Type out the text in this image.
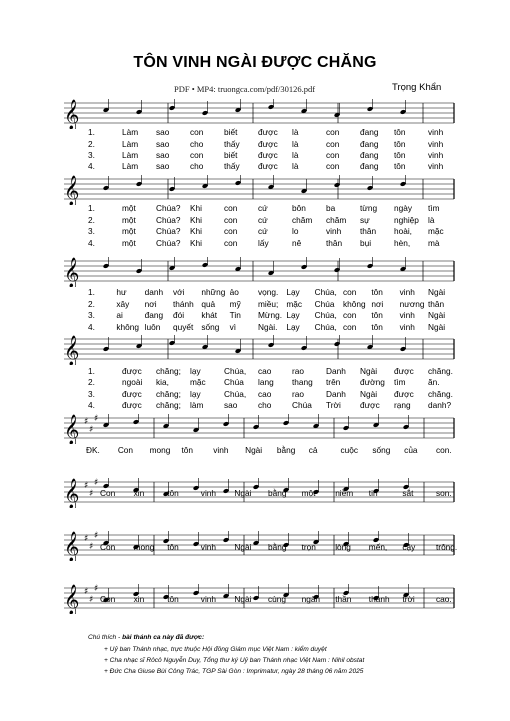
TÔN VINH NGÀI ĐƯỢC CHĂNG
PDF • MP4: truongca.com/pdf/30126.pdf	Trọng Khẩn
𝄞
𝄞
𝄞
𝄞
𝄞 ♯
♯
♯
𝄞 ♯
♯
♯
𝄞 ♯
♯
♯
𝄞 ♯
♯
♯
1.	Làm sao con biết được là	con đang tôn	vinh
2.	Làm sao cho thấy được là	con đang tôn	vinh
3.	Làm sao con biết được là	con đang tôn	vinh
4.	Làm sao cho thấy được là	con đang tôn	vinh
1.	một Chúa? Khi	con cứ	bôn ba	từng ngày tìm
2.	một Chúa? Khi	con cứ	chăm chăm sự	nghiệp là
3.	một Chúa? Khi	con cứ	lo	vinh thân hoài, mặc
4.	một Chúa? Khi	con lấy	nê	thân bụi	hèn, mà
1.	hư danh với những ảo vọng. Lạy Chúa, con tôn vinh Ngài
2.	xây nơi thánh quả mỹ miều; mặc Chúa không nơi nương thân
3.	ai	đang đói khát Tin Mừng. Lạy Chúa, con tôn vinh Ngài
4.	không luôn quyết sống vì	Ngài. Lạy Chúa, con tôn vinh Ngài
1.	được chăng; lạy	Chúa, cao rao	Danh Ngài được chăng.
2.	ngoài kia,	mặc Chúa lang thang trên đường tìm	ăn.
3.	được chăng; lạy	Chúa, cao rao	Danh Ngài được chăng.
4.	được chăng; làm sao cho Chúa Trời được rạng danh?
ĐK. Con mong tôn vinh Ngài bằng cả	cuộc sống của con.
Con xin	tôn	vinh Ngài bằng một niềm tin	sắt	son.
Con mong tôn	vinh Ngài bằng trọn lòng mến, cậy trông.
Con xin	tôn	vinh Ngài cùng ngàn thần thánh trời	cao.
Chú thích - bài thánh ca này đã được:
+ Uỷ ban Thánh nhạc, trực thuộc Hội đồng Giám mục Việt Nam : kiểm duyệt
+ Cha nhạc sĩ Rôcô Nguyễn Duy, Tổng thư ký Uỷ ban Thánh nhạc Việt Nam : Nihil obstat
+ Đức Cha Giuse Bùi Công Trác, TGP Sài Gòn : Imprimatur, ngày 28 tháng 06 năm 2025
